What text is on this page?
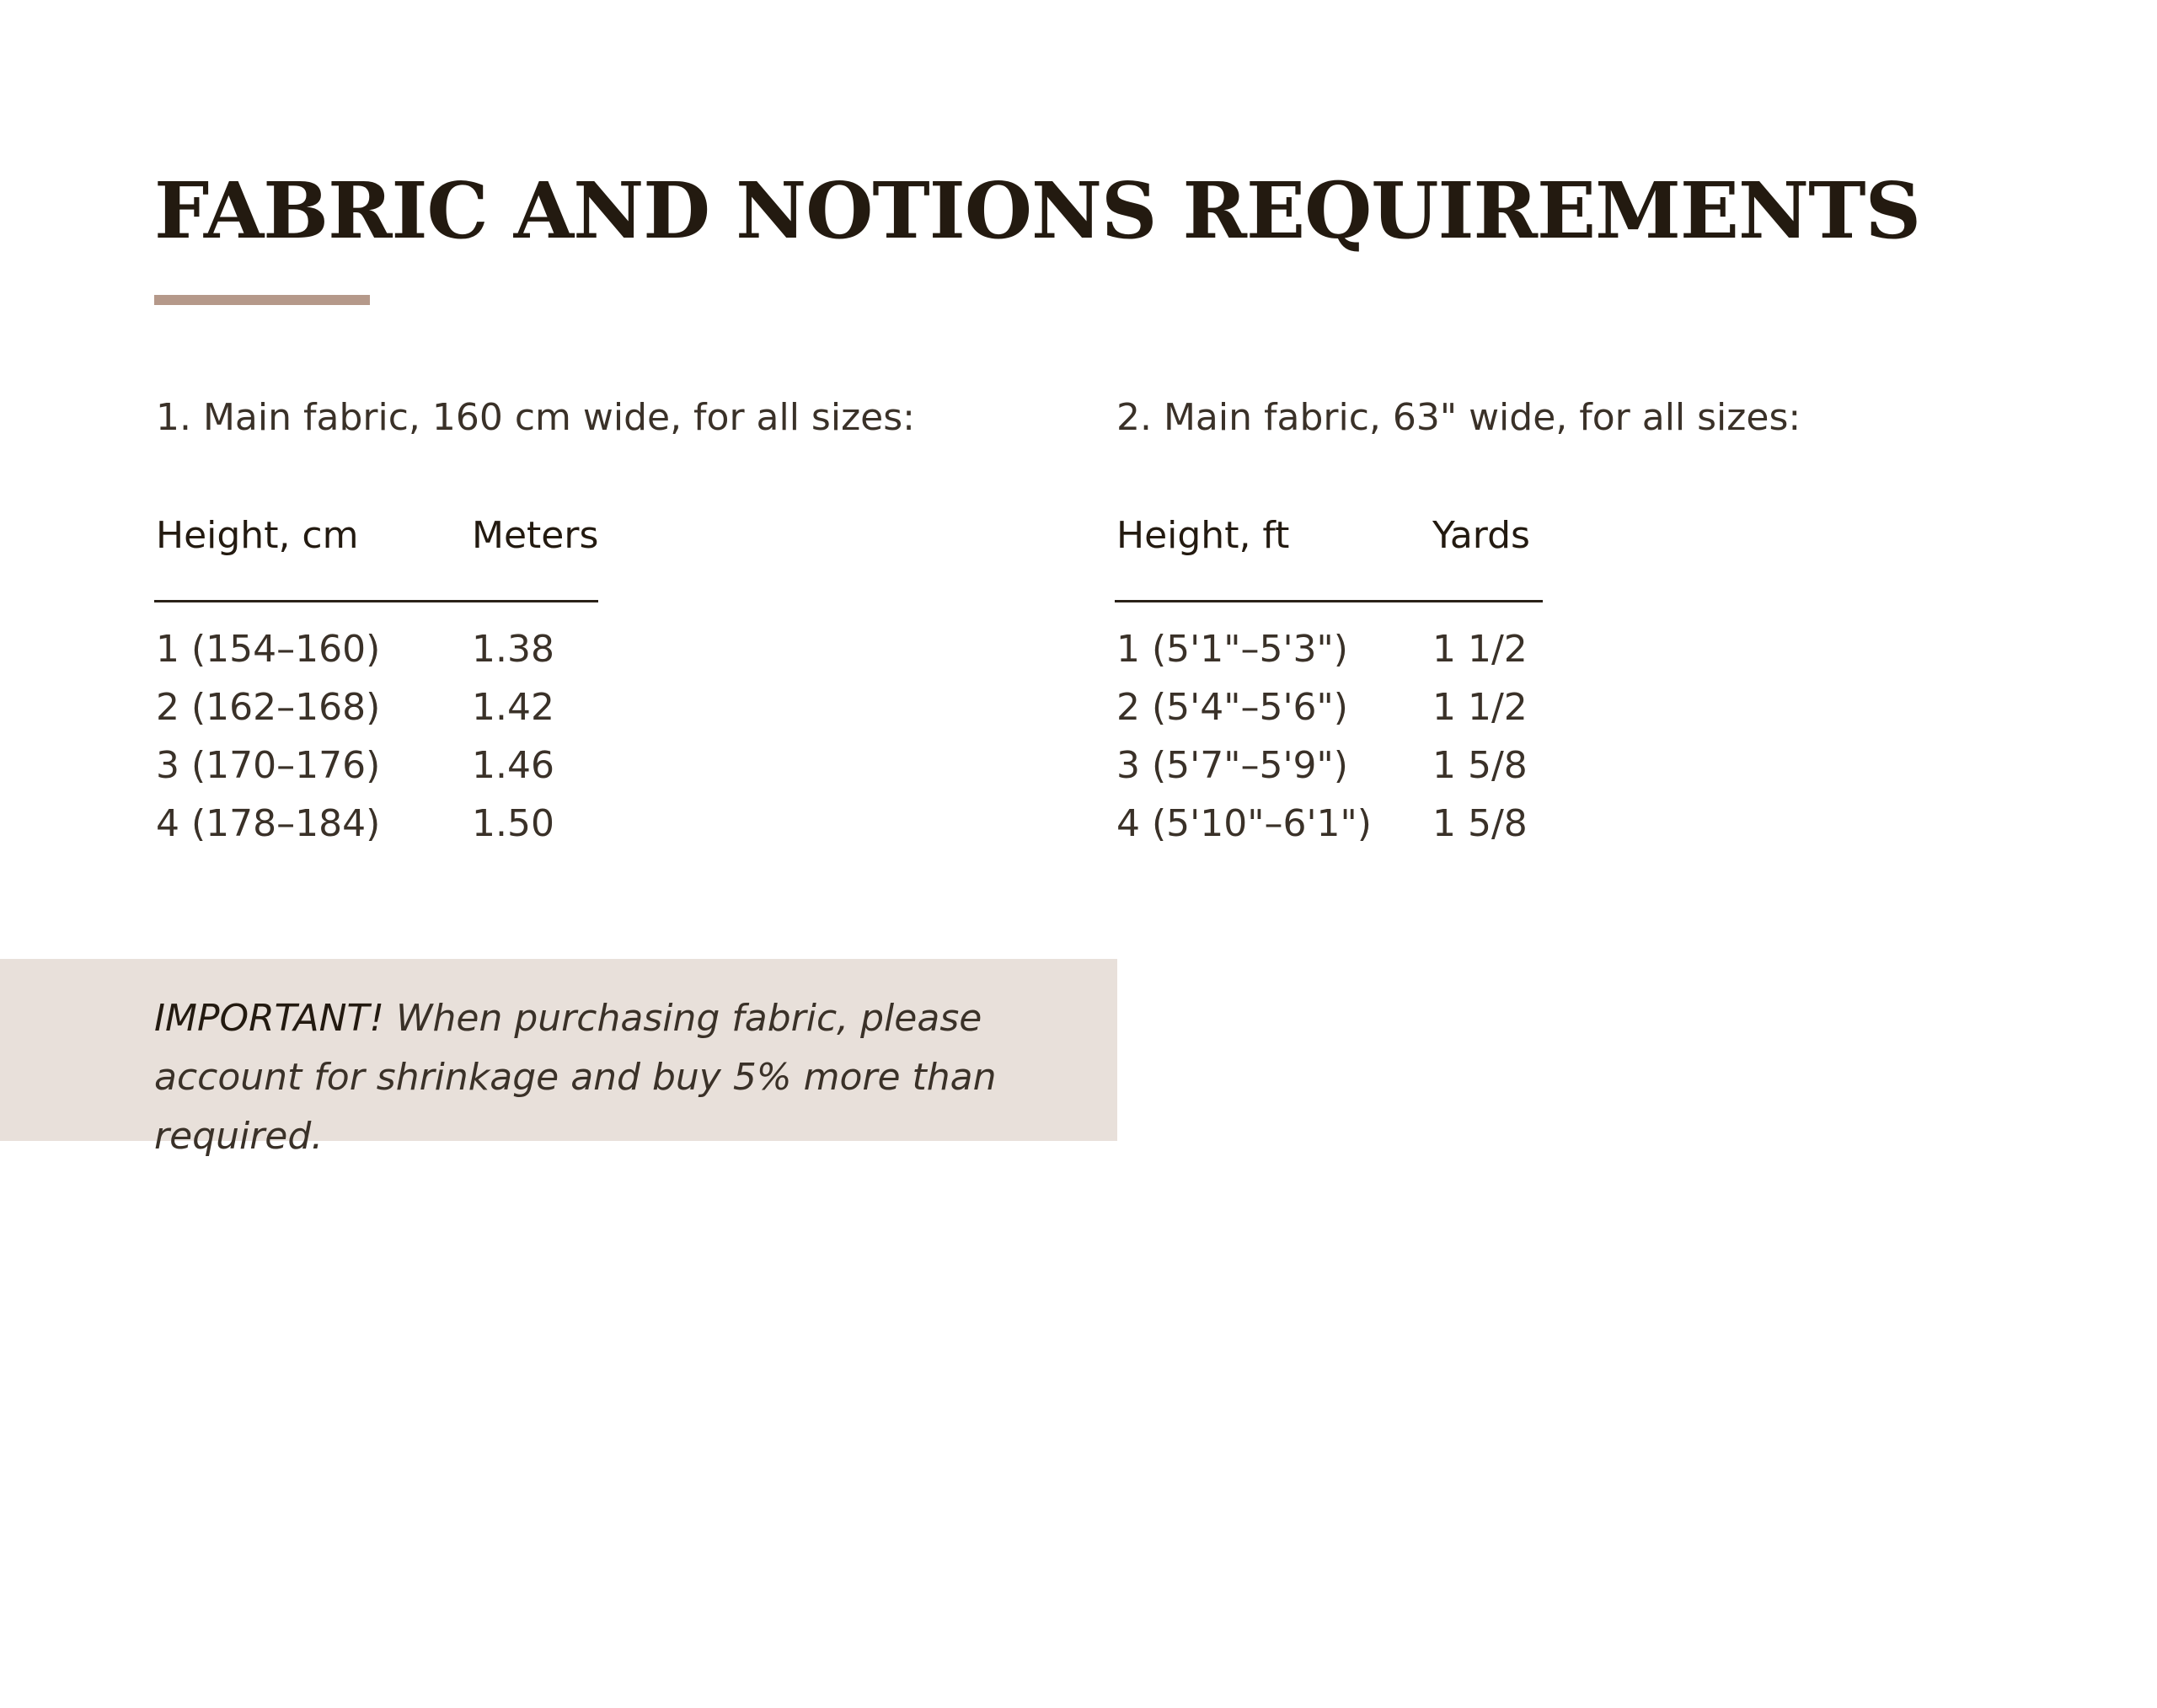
FABRIC AND NOTIONS REQUIREMENTS
1. Main fabric, 160 cm wide, for all sizes:
Height, cm	Meters
1 (154–160) 1.38
2 (162–168) 1.42
3 (170–176) 1.46
4 (178–184) 1.50
2. Main fabric, 63" wide, for all sizes:
Height, ft	Yards
1 (5'1"–5'3") 1 1/2
2 (5'4"–5'6") 1 1/2
3 (5'7"–5'9") 1 5/8
4 (5'10"–6'1") 1 5/8

IMPORTANT! When purchasing fabric, please account for shrinkage and buy 5% more than required.
